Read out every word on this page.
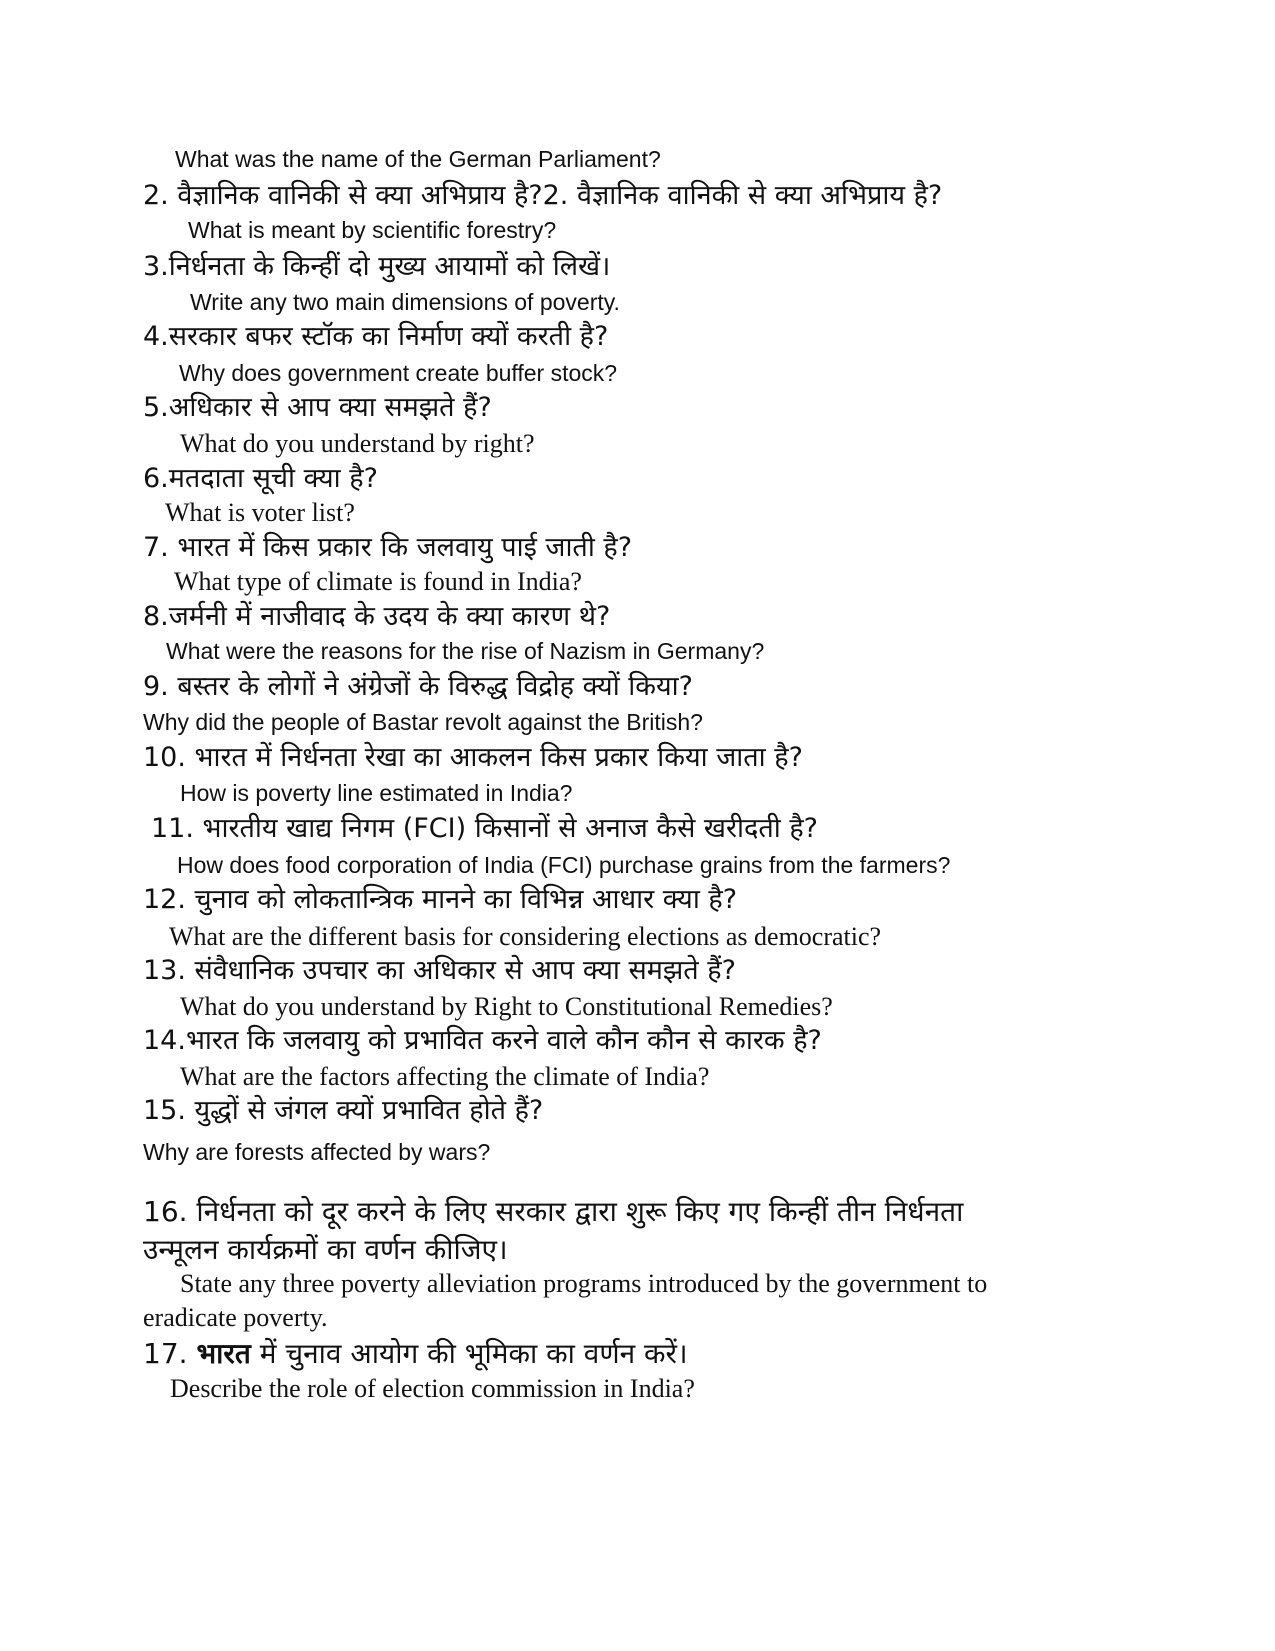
What was the name of the German Parliament?
2. वैज्ञानिक वानिकी से क्या अभिप्राय है?2. वैज्ञानिक वानिकी से क्या अभिप्राय है?
What is meant by scientific forestry?
3.निर्धनता के किन्हीं दो मुख्य आयामों को लिखें।
Write any two main dimensions of poverty.
4.सरकार बफर स्टॉक का निर्माण क्यों करती है?
Why does government create buffer stock?
5.अधिकार से आप क्या समझते हैं?
What do you understand by right?
6.मतदाता सूची क्या है?
What is voter list?
7. भारत में किस प्रकार कि जलवायु पाई जाती है?
What type of climate is found in India?
8.जर्मनी में नाजीवाद के उदय के क्या कारण थे?
What were the reasons for the rise of Nazism in Germany?
9. बस्तर के लोगों ने अंग्रेजों के विरुद्ध विद्रोह क्यों किया?
Why did the people of Bastar revolt against the British?
10. भारत में निर्धनता रेखा का आकलन किस प्रकार किया जाता है?
How is poverty line estimated in India?
11. भारतीय खाद्य निगम (FCI) किसानों से अनाज कैसे खरीदती है?
How does food corporation of India (FCI) purchase grains from the farmers?
12. चुनाव को लोकतान्त्रिक मानने का विभिन्न आधार क्या है?
What are the different basis for considering elections as democratic?
13. संवैधानिक उपचार का अधिकार से आप क्या समझते हैं?
What do you understand by Right to Constitutional Remedies?
14.भारत कि जलवायु को प्रभावित करने वाले कौन कौन से कारक है?
What are the factors affecting the climate of India?
15. युद्धों से जंगल क्यों प्रभावित होते हैं?
Why are forests affected by wars?
16. निर्धनता को दूर करने के लिए सरकार द्वारा शुरू किए गए किन्हीं तीन निर्धनता
उन्मूलन कार्यक्रमों का वर्णन कीजिए।
State any three poverty alleviation programs introduced by the government to
eradicate poverty.
17. भारत में चुनाव आयोग की भूमिका का वर्णन करें।
Describe the role of election commission in India?
